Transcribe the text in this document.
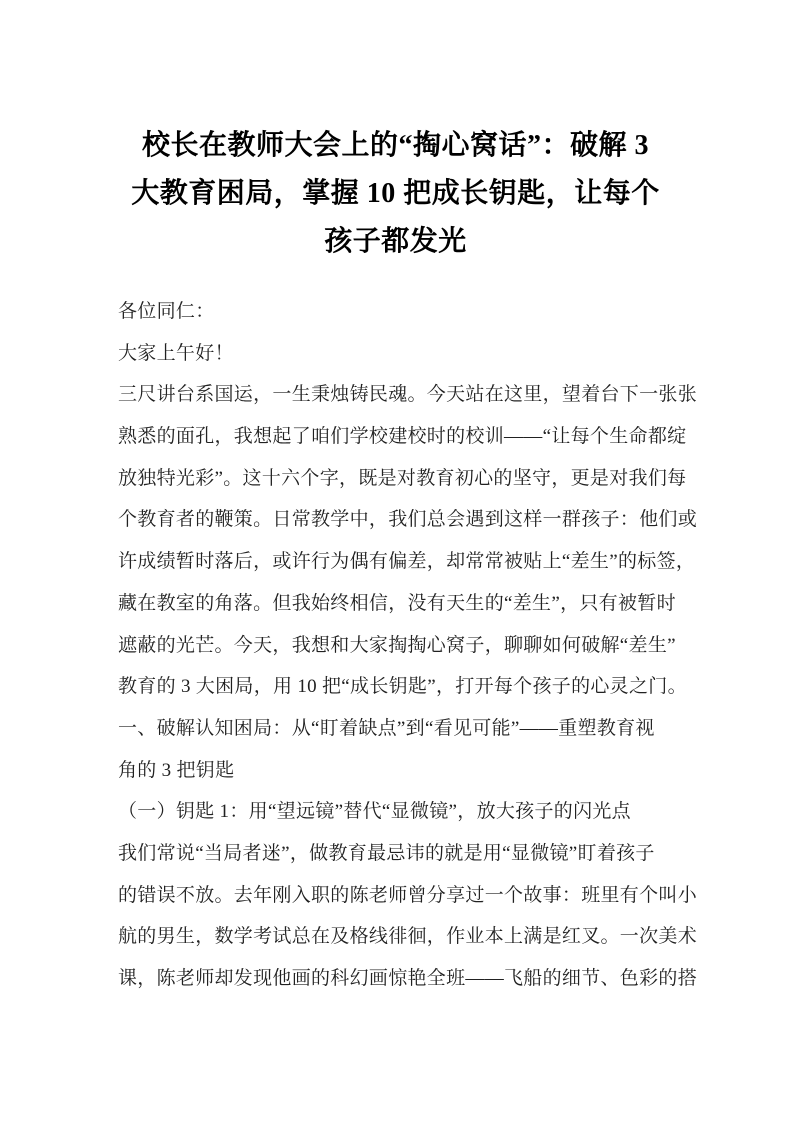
校长在教师大会上的“掏心窝话”：破解 3
大教育困局，掌握 10 把成长钥匙，让每个
孩子都发光
各位同仁：
大家上午好！
三尺讲台系国运，一生秉烛铸民魂。今天站在这里，望着台下一张张
熟悉的面孔，我想起了咱们学校建校时的校训——“让每个生命都绽
放独特光彩”。这十六个字，既是对教育初心的坚守，更是对我们每
个教育者的鞭策。日常教学中，我们总会遇到这样一群孩子：他们或
许成绩暂时落后，或许行为偶有偏差，却常常被贴上“差生”的标签，
藏在教室的角落。但我始终相信，没有天生的“差生”，只有被暂时
遮蔽的光芒。今天，我想和大家掏掏心窝子，聊聊如何破解“差生”
教育的 3 大困局，用 10 把“成长钥匙”，打开每个孩子的心灵之门。
一、破解认知困局：从“盯着缺点”到“看见可能”——重塑教育视
角的 3 把钥匙
（一）钥匙 1：用“望远镜”替代“显微镜”，放大孩子的闪光点
我们常说“当局者迷”，做教育最忌讳的就是用“显微镜”盯着孩子
的错误不放。去年刚入职的陈老师曾分享过一个故事：班里有个叫小
航的男生，数学考试总在及格线徘徊，作业本上满是红叉。一次美术
课，陈老师却发现他画的科幻画惊艳全班——飞船的细节、色彩的搭
